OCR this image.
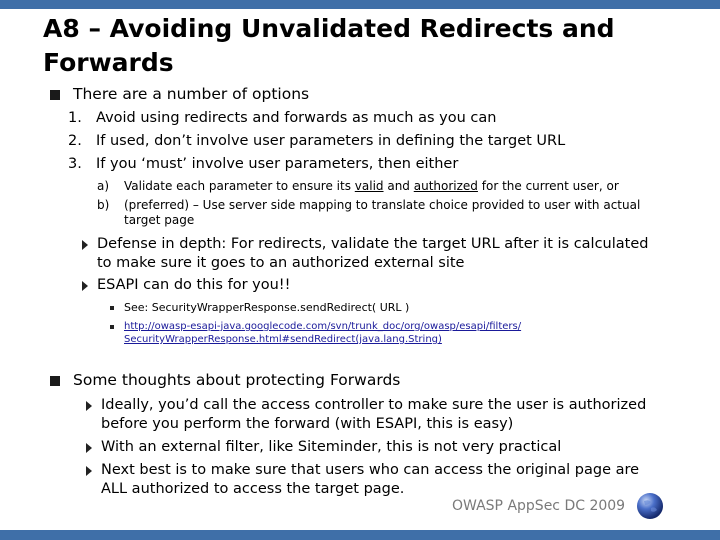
A8 – Avoiding Unvalidated Redirects and Forwards
There are a number of options
1. Avoid using redirects and forwards as much as you can
2. If used, don’t involve user parameters in defining the target URL
3. If you ‘must’ involve user parameters, then either
a) Validate each parameter to ensure its valid and authorized for the current user, or
b) (preferred) – Use server side mapping to translate choice provided to user with actual target page
Defense in depth: For redirects, validate the target URL after it is calculated to make sure it goes to an authorized external site
ESAPI can do this for you!!
See: SecurityWrapperResponse.sendRedirect( URL )
http://owasp-esapi-java.googlecode.com/svn/trunk_doc/org/owasp/esapi/filters/SecurityWrapperResponse.html#sendRedirect(java.lang.String)
Some thoughts about protecting Forwards
Ideally, you’d call the access controller to make sure the user is authorized before you perform the forward (with ESAPI, this is easy)
With an external filter, like Siteminder, this is not very practical
Next best is to make sure that users who can access the original page are ALL authorized to access the target page.
OWASP AppSec DC 2009
